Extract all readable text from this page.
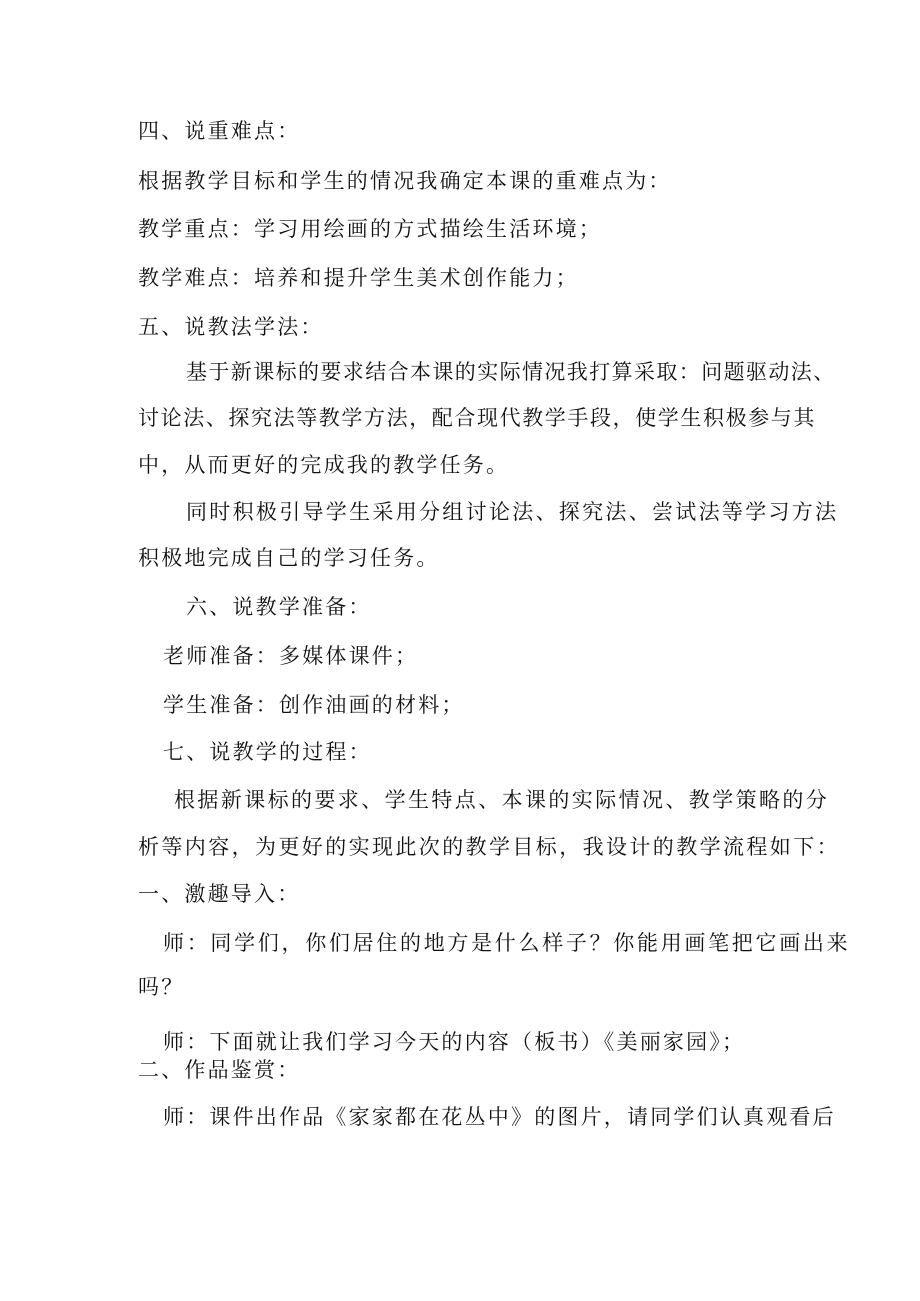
四、说重难点：
根据教学目标和学生的情况我确定本课的重难点为：
教学重点：学习用绘画的方式描绘生活环境；
教学难点：培养和提升学生美术创作能力；
五、说教法学法：
基于新课标的要求结合本课的实际情况我打算采取：问题驱动法、
讨论法、探究法等教学方法，配合现代教学手段，使学生积极参与其
中，从而更好的完成我的教学任务。
同时积极引导学生采用分组讨论法、探究法、尝试法等学习方法
积极地完成自己的学习任务。
六、说教学准备：
老师准备：多媒体课件；
学生准备：创作油画的材料；
七、说教学的过程：
根据新课标的要求、学生特点、本课的实际情况、教学策略的分
析等内容，为更好的实现此次的教学目标，我设计的教学流程如下：
一、激趣导入：
师：同学们，你们居住的地方是什么样子？你能用画笔把它画出来
吗？
师：下面就让我们学习今天的内容（板书）《美丽家园》；
二、作品鉴赏：
师：课件出作品《家家都在花丛中》的图片，请同学们认真观看后
